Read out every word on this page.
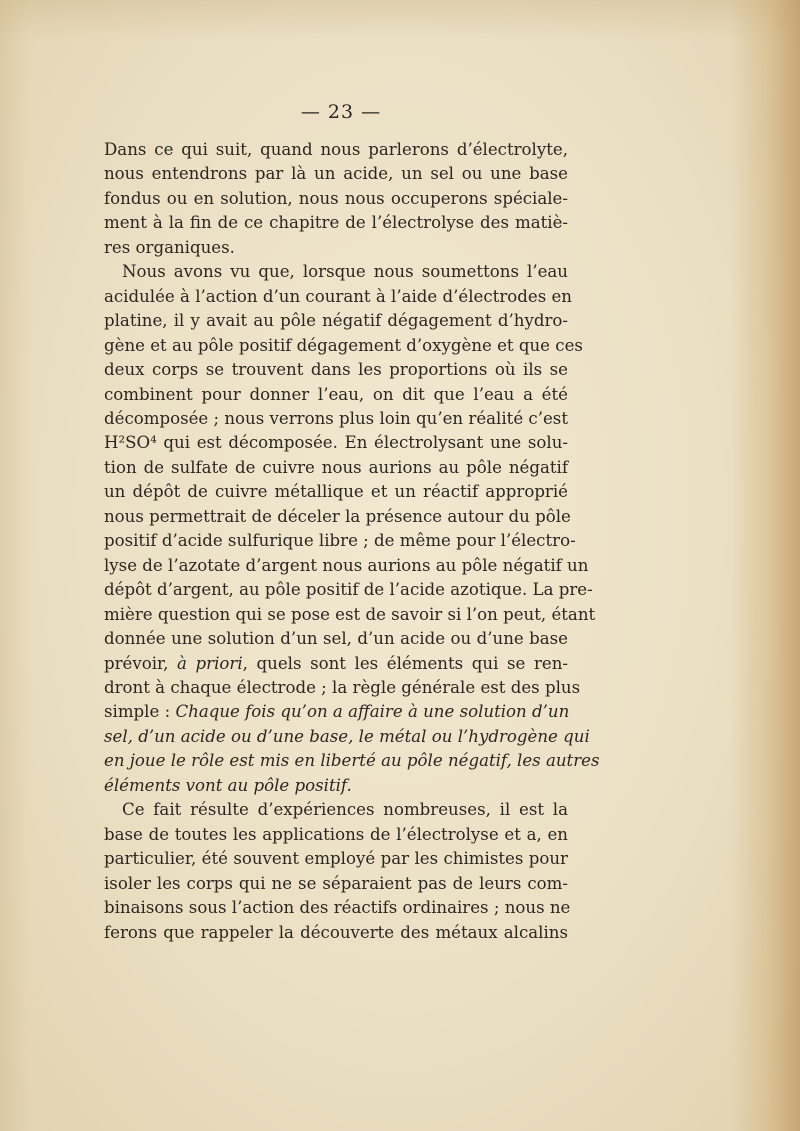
— 23 —
Dans ce qui suit, quand nous parlerons d’électrolyte,
nous entendrons par là un acide, un sel ou une base
fondus ou en solution, nous nous occuperons spéciale-
ment à la fin de ce chapitre de l’électrolyse des matiè-
res organiques.
Nous avons vu que, lorsque nous soumettons l’eau
acidulée à l’action d’un courant à l’aide d’électrodes en
platine, il y avait au pôle négatif dégagement d’hydro-
gène et au pôle positif dégagement d’oxygène et que ces
deux corps se trouvent dans les proportions où ils se
combinent pour donner l’eau, on dit que l’eau a été
décomposée ; nous verrons plus loin qu’en réalité c’est
H²SO⁴ qui est décomposée. En électrolysant une solu-
tion de sulfate de cuivre nous aurions au pôle négatif
un dépôt de cuivre métallique et un réactif approprié
nous permettrait de déceler la présence autour du pôle
positif d’acide sulfurique libre ; de même pour l’électro-
lyse de l’azotate d’argent nous aurions au pôle négatif un
dépôt d’argent, au pôle positif de l’acide azotique. La pre-
mière question qui se pose est de savoir si l’on peut, étant
donnée une solution d’un sel, d’un acide ou d’une base
prévoir, à priori, quels sont les éléments qui se ren-
dront à chaque électrode ; la règle générale est des plus
simple : Chaque fois qu’on a affaire à une solution d’un
sel, d’un acide ou d’une base, le métal ou l’hydrogène qui
en joue le rôle est mis en liberté au pôle négatif, les autres
éléments vont au pôle positif.
Ce fait résulte d’expériences nombreuses, il est la
base de toutes les applications de l’électrolyse et a, en
particulier, été souvent employé par les chimistes pour
isoler les corps qui ne se séparaient pas de leurs com-
binaisons sous l’action des réactifs ordinaires ; nous ne
ferons que rappeler la découverte des métaux alcalins
